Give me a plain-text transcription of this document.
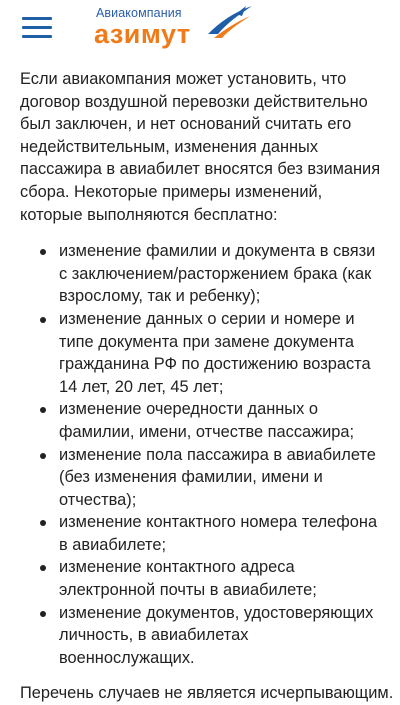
Авиакомпания
азимут

Если авиакомпания может установить, что договор воздушной перевозки действительно был заключен, и нет оснований считать его недействительным, изменения данных пассажира в авиабилет вносятся без взимания сбора. Некоторые примеры изменений, которые выполняются бесплатно:

изменение фамилии и документа в связи с заключением/расторжением брака (как взрослому, так и ребенку);
изменение данных о серии и номере и типе документа при замене документа гражданина РФ по достижению возраста 14 лет, 20 лет, 45 лет;
изменение очередности данных о фамилии, имени, отчестве пассажира;
изменение пола пассажира в авиабилете (без изменения фамилии, имени и отчества);
изменение контактного номера телефона в авиабилете;
изменение контактного адреса электронной почты в авиабилете;
изменение документов, удостоверяющих личность, в авиабилетах военнослужащих.

Перечень случаев не является исчерпывающим.
